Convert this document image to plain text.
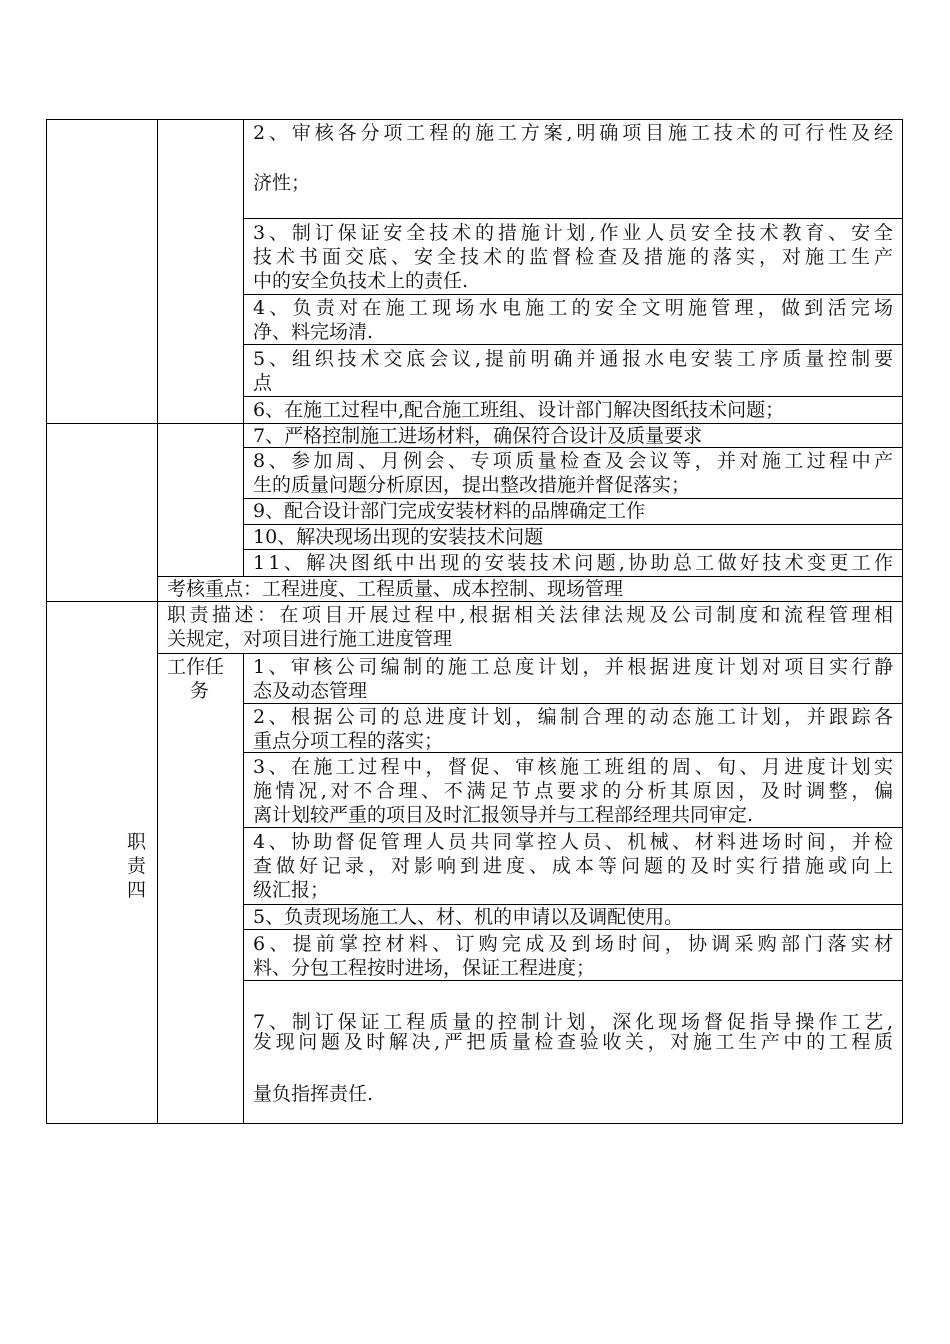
2、审核各分项工程的施工方案,明确项目施工技术的可行性及经
济性；
3、制订保证安全技术的措施计划,作业人员安全技术教育、安全
技术书面交底、安全技术的监督检查及措施的落实，对施工生产
中的安全负技术上的责任.
4、负责对在施工现场水电施工的安全文明施管理，做到活完场
净、料完场清.
5、组织技术交底会议,提前明确并通报水电安装工序质量控制要
点
6、在施工过程中,配合施工班组、设计部门解决图纸技术问题；
7、严格控制施工进场材料，确保符合设计及质量要求
8、参加周、月例会、专项质量检查及会议等，并对施工过程中产
生的质量问题分析原因，提出整改措施并督促落实；
9、配合设计部门完成安装材料的品牌确定工作
10、解决现场出现的安装技术问题
11、解决图纸中出现的安装技术问题,协助总工做好技术变更工作
考核重点：工程进度、工程质量、成本控制、现场管理
职
责
四
职责描述：在项目开展过程中,根据相关法律法规及公司制度和流程管理相
关规定，对项目进行施工进度管理
工作任
务
1、审核公司编制的施工总度计划，并根据进度计划对项目实行静
态及动态管理
2、根据公司的总进度计划，编制合理的动态施工计划，并跟踪各
重点分项工程的落实；
3、在施工过程中，督促、审核施工班组的周、旬、月进度计划实
施情况,对不合理、不满足节点要求的分析其原因，及时调整，偏
离计划较严重的项目及时汇报领导并与工程部经理共同审定.
4、协助督促管理人员共同掌控人员、机械、材料进场时间，并检
查做好记录，对影响到进度、成本等问题的及时实行措施或向上
级汇报；
5、负责现场施工人、材、机的申请以及调配使用。
6、提前掌控材料、订购完成及到场时间，协调采购部门落实材
料、分包工程按时进场，保证工程进度；
7、制订保证工程质量的控制计划，深化现场督促指导操作工艺,
发现问题及时解决,严把质量检查验收关，对施工生产中的工程质
量负指挥责任.
